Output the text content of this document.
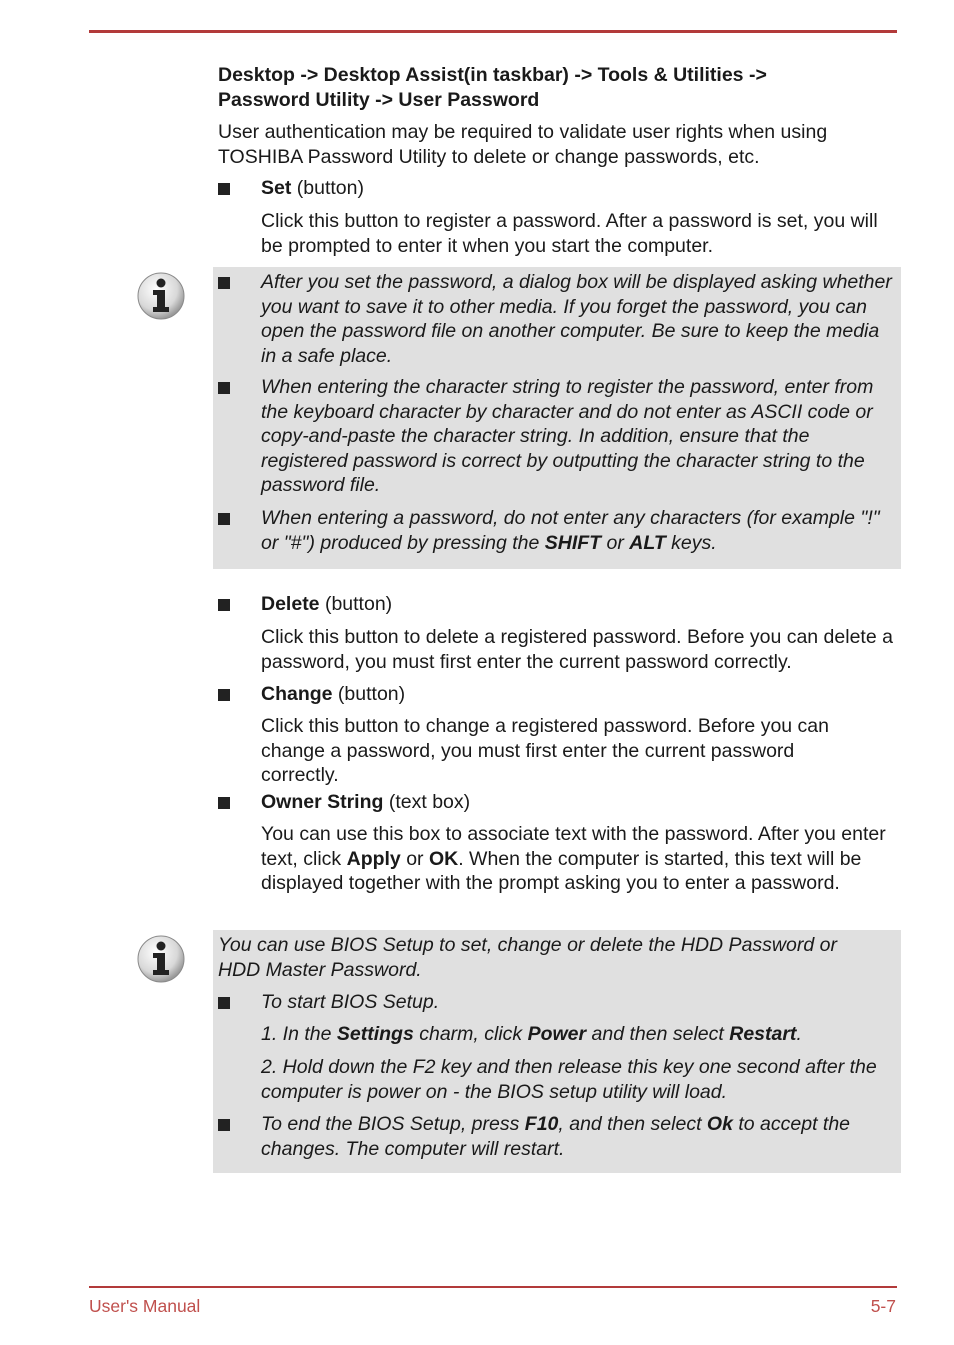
Desktop -> Desktop Assist(in taskbar) -> Tools & Utilities ->
Password Utility -> User Password
User authentication may be required to validate user rights when using TOSHIBA Password Utility to delete or change passwords, etc.
Set (button)
Click this button to register a password. After a password is set, you will be prompted to enter it when you start the computer.
After you set the password, a dialog box will be displayed asking whether you want to save it to other media. If you forget the password, you can open the password file on another computer. Be sure to keep the media in a safe place.
When entering the character string to register the password, enter from the keyboard character by character and do not enter as ASCII code or copy-and-paste the character string. In addition, ensure that the registered password is correct by outputting the character string to the password file.
When entering a password, do not enter any characters (for example "!" or "#") produced by pressing the SHIFT or ALT keys.
Delete (button)
Click this button to delete a registered password. Before you can delete a password, you must first enter the current password correctly.
Change (button)
Click this button to change a registered password. Before you can change a password, you must first enter the current password correctly.
Owner String (text box)
You can use this box to associate text with the password. After you enter text, click Apply or OK. When the computer is started, this text will be displayed together with the prompt asking you to enter a password.
You can use BIOS Setup to set, change or delete the HDD Password or HDD Master Password.
To start BIOS Setup.
1. In the Settings charm, click Power and then select Restart.
2. Hold down the F2 key and then release this key one second after the computer is power on - the BIOS setup utility will load.
To end the BIOS Setup, press F10, and then select Ok to accept the changes. The computer will restart.
User's Manual	5-7
